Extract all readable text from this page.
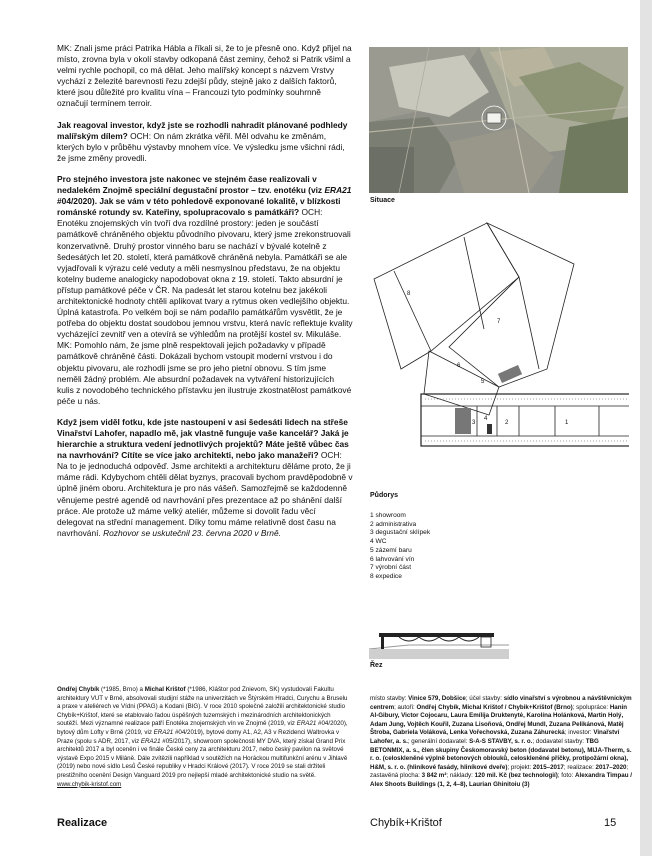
MK: Znali jsme práci Patrika Hábla a říkali si, že to je přesně ono. Když přijel na místo, zrovna byla v okolí stavby odkopaná část zeminy, čehož si Patrik všiml a velmi rychle pochopil, co má dělat. Jeho malířský koncept s názvem Vrstvy vychází z železité barevnosti řezu zdejší půdy, stejně jako z dalších faktorů, které jsou důležité pro kvalitu vína – Francouzi tyto podmínky souhrnně označují termínem terroir.

Jak reagoval investor, když jste se rozhodli nahradit plánované podhledy malířským dílem? OCH: On nám zkrátka věřil. Měl odvahu ke změnám, kterých bylo v průběhu výstavby mnohem více. Ve výsledku jsme všichni rádi, že jsme změny provedli.

Pro stejného investora jste nakonec ve stejném čase realizovali v nedalekém Znojmě speciální degustační prostor – tzv. enotéku (viz ERA21 #04/2020). Jak se vám v této pohledově exponované lokalitě, v blízkosti románské rotundy sv. Kateřiny, spolupracovalo s památkáři? OCH: Enotéku znojemských vín tvoří dva rozdílné prostory: jeden je součástí památkově chráněného objektu původního pivovaru, který jsme zrekonstruovali konzervativně. Druhý prostor vinného baru se nachází v bývalé kotelně z šedesátých let 20. století, která památkově chráněná nebyla. Památkáři se ale vyjadřovali k výrazu celé veduty a měli nesmyslnou představu, že na objektu kotelny budeme analogicky napodobovat okna z 19. století. Takto absurdní je přístup památkové péče v ČR. Na padesát let starou kotelnu bez jakékoli architektonické hodnoty chtěli aplikovat tvary a rytmus oken vedlejšího objektu. Úplná katastrofa. Po velkém boji se nám podařilo památkářům vysvětlit, že je potřeba do objektu dostat soudobou jemnou vrstvu, která navíc reflektuje kvality vycházející zevnitř ven a otevírá se výhledům na protější kostel sv. Mikuláše. MK: Pomohlo nám, že jsme plně respektovali jejich požadavky v případě památkově chráněné části. Dokázali bychom vstoupit moderní vrstvou i do objektu pivovaru, ale rozhodli jsme se pro jeho pietní obnovu. S tím jsme neměli žádný problém. Ale absurdní požadavek na vytváření historizujících kulis z novodobého technického přístavku jen ilustruje zkostnatělost památkové péče u nás.

Když jsem viděl fotku, kde jste nastoupeni v asi šedesáti lidech na střeše Vinařství Lahofer, napadlo mě, jak vlastně funguje vaše kancelář? Jaká je hierarchie a struktura vedení jednotlivých projektů? Máte ještě vůbec čas na navrhování? Cítíte se více jako architekti, nebo jako manažeři? OCH: Na to je jednoduchá odpověď. Jsme architekti a architekturu děláme proto, že ji máme rádi. Kdybychom chtěli dělat byznys, pracovali bychom pravděpodobně v úplně jiném oboru. Architektura je pro nás vášeň. Samozřejmě se každodenně věnujeme pestré agendě od navrhování přes prezentace až po shánění další práce. Ale protože už máme velký ateliér, můžeme si dovolit řadu věcí delegovat na střední management. Díky tomu máme relativně dost času na navrhování. Rozhovor se uskutečnil 23. června 2020 v Brně.

Situace
8
7
6
5
4
3	2	1
Půdorys
1 showroom
2 administrativa
3 degustační sklípek
4 WC
5 zázemí baru
6 lahvování vín
7 výrobní část
8 expedice
Řez

Ondřej Chybík (*1985, Brno) a Michal Krištof (*1986, Kláštor pod Znievom, SK) vystudovali Fakultu architektury VUT v Brně, absolvovali studijní stáže na univerzitách ve Štýrském Hradci, Curychu a Bruselu a praxe v ateliérech ve Vídni (PPAG) a Kodani (BIG). V roce 2010 společně založili architektonické studio Chybík+Krištof, které se etablovalo řadou úspěšných tuzemských i mezinárodních architektonických soutěží. Mezi významné realizace patří Enotéka znojemských vín ve Znojmě (2019, viz ERA21 #04/2020), bytový dům Lofty v Brně (2019, viz ERA21 #04/2019), bytové domy A1, A2, A3 v Rezidenci Waltrovka v Praze (spolu s ADR, 2017, viz ERA21 #05/2017), showroom společnosti MY DVA, který získal Grand Prix architektů 2017 a byl oceněn i ve finále České ceny za architekturu 2017, nebo český pavilon na světové výstavě Expo 2015 v Miláně. Dále zvítězili například v soutěžích na Horáckou multifunkční arénu v Jihlavě (2019) nebo nové sídlo Lesů České republiky v Hradci Králové (2017). V roce 2019 se stali držiteli prestižního ocenění Design Vanguard 2019 pro nejlepší mladé architektonické studio na světě. www.chybik-kristof.com

místo stavby: Vinice 579, Dobšice; účel stavby: sídlo vinařství s výrobnou a návštěvnickým centrem; autoři: Ondřej Chybík, Michal Krištof / Chybik+Krištof (Brno); spolupráce: Hanin Al-Gibury, Victor Cojocaru, Laura Emílija Druktenytė, Karolína Holánková, Martin Holý, Adam Jung, Vojtěch Kouřil, Zuzana Lisoňová, Ondřej Mundl, Zuzana Pelikánová, Matěj Štroba, Gabriela Voláková, Lenka Vořechovská, Zuzana Záhurecká; investor: Vinařství Lahofer, a. s.; generální dodavatel: S-A-S STAVBY, s. r. o.; dodavatel stavby: TBG BETONMIX, a. s., člen skupiny Českomoravský beton (dodavatel betonu), MIJA-Therm, s. r. o. (celoskleněné výplně betonových oblouků, celoskleněné příčky, protipožární okna), H&M, s. r. o. (hliníkové fasády, hliníkové dveře); projekt: 2015–2017; realizace: 2017–2020; zastavěná plocha: 3 842 m²; náklady: 120 mil. Kč (bez technologií); foto: Alexandra Timpau / Alex Shoots Buildings (1, 2, 4–8), Laurian Ghinitoiu (3)

Realizace	Chybík+Krištof	15
